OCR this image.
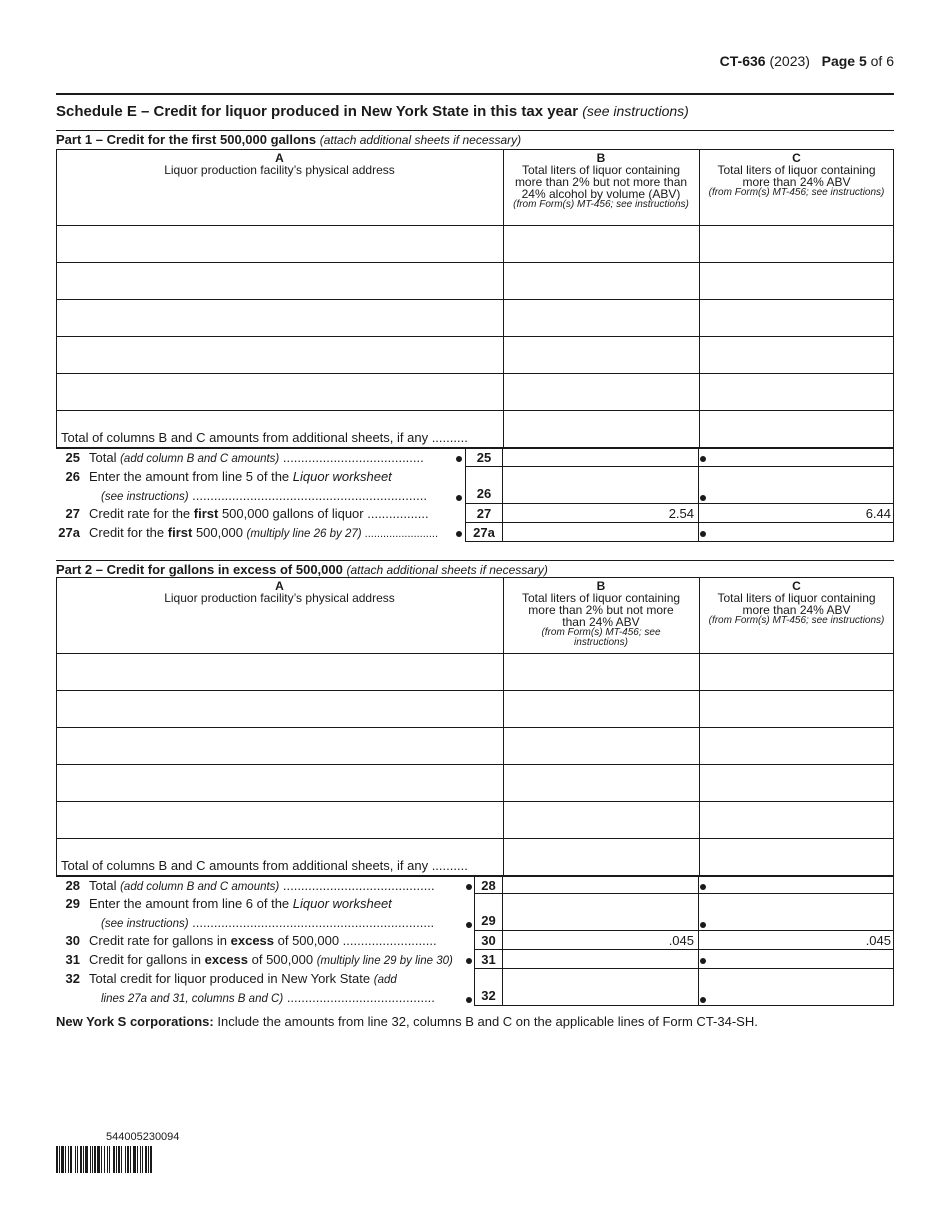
CT-636 (2023) Page 5 of 6
Schedule E – Credit for liquor produced in New York State in this tax year (see instructions)
Part 1 – Credit for the first 500,000 gallons (attach additional sheets if necessary)
A
Liquor production facility’s physical address
B
Total liters of liquor containing more than 2% but not more than 24% alcohol by volume (ABV)
(from Form(s) MT-456; see instructions)
C
Total liters of liquor containing more than 24% ABV
(from Form(s) MT-456; see instructions)
Total of columns B and C amounts from additional sheets, if any ..........
25 Total (add column B and C amounts) .......................................	25
26 Enter the amount from line 5 of the Liquor worksheet
(see instructions) .................................................................	26
27 Credit rate for the first 500,000 gallons of liquor .................	27	2.54	6.44
27a Credit for the first 500,000 (multiply line 26 by 27) ........................	27a
Part 2 – Credit for gallons in excess of 500,000 (attach additional sheets if necessary)
A
Liquor production facility’s physical address
B
Total liters of liquor containing more than 2% but not more than 24% ABV
(from Form(s) MT-456; see instructions)
C
Total liters of liquor containing more than 24% ABV
(from Form(s) MT-456; see instructions)
Total of columns B and C amounts from additional sheets, if any ..........
28 Total (add column B and C amounts) ..........................................	28
29 Enter the amount from line 6 of the Liquor worksheet
(see instructions) ...................................................................	29
30 Credit rate for gallons in excess of 500,000 ..........................	30	.045	.045
31 Credit for gallons in excess of 500,000 (multiply line 29 by line 30)	31
32 Total credit for liquor produced in New York State (add
lines 27a and 31, columns B and C) .........................................	32
New York S corporations: Include the amounts from line 32, columns B and C on the applicable lines of Form CT-34-SH.
544005230094
